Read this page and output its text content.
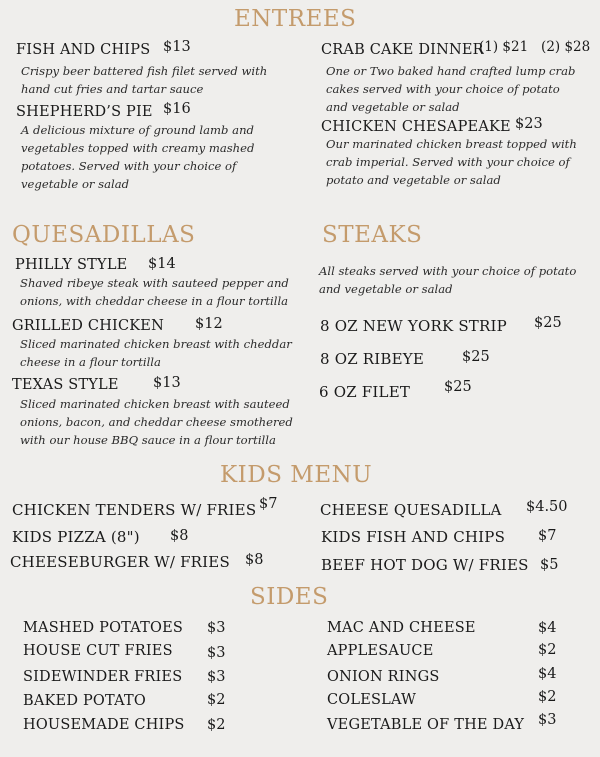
ENTREES
FISH AND CHIPS $13
Crispy beer battered fish filet served with hand cut fries and tartar sauce
SHEPHERD’S PIE $16
A delicious mixture of ground lamb and vegetables topped with creamy mashed potatoes. Served with your choice of vegetable or salad
CRAB CAKE DINNER
(1) $21   (2) $28
One or Two baked hand crafted lump crab cakes served with your choice of potato and vegetable or salad
CHICKEN CHESAPEAKE $23
Our marinated chicken breast topped with crab imperial. Served with your choice of potato and vegetable or salad
QUESADILLAS
PHILLY STYLE $14
Shaved ribeye steak with sauteed pepper and onions, with cheddar cheese in a flour tortilla
GRILLED CHICKEN $12
Sliced marinated chicken breast with cheddar cheese in a flour tortilla
TEXAS STYLE $13
Sliced marinated chicken breast with sauteed onions, bacon, and cheddar cheese smothered with our house BBQ sauce in a flour tortilla
STEAKS
All steaks served with your choice of potato and vegetable or salad
8 OZ NEW YORK STRIP $25
8 OZ RIBEYE	$25
6 OZ FILET $25
KIDS MENU
CHICKEN TENDERS W/ FRIES $7
KIDS PIZZA (8") $8
CHEESEBURGER W/ FRIES $8
CHEESE QUESADILLA $4.50
KIDS FISH AND CHIPS $7
BEEF HOT DOG W/ FRIES $5
SIDES
MASHED POTATOES $3
HOUSE CUT FRIES $3
SIDEWINDER FRIES $3
BAKED POTATO	$2
HOUSEMADE CHIPS $2
MAC AND CHEESE	$4
APPLESAUCE	$2
ONION RINGS	$4
COLESLAW	$2
VEGETABLE OF THE DAY $3
